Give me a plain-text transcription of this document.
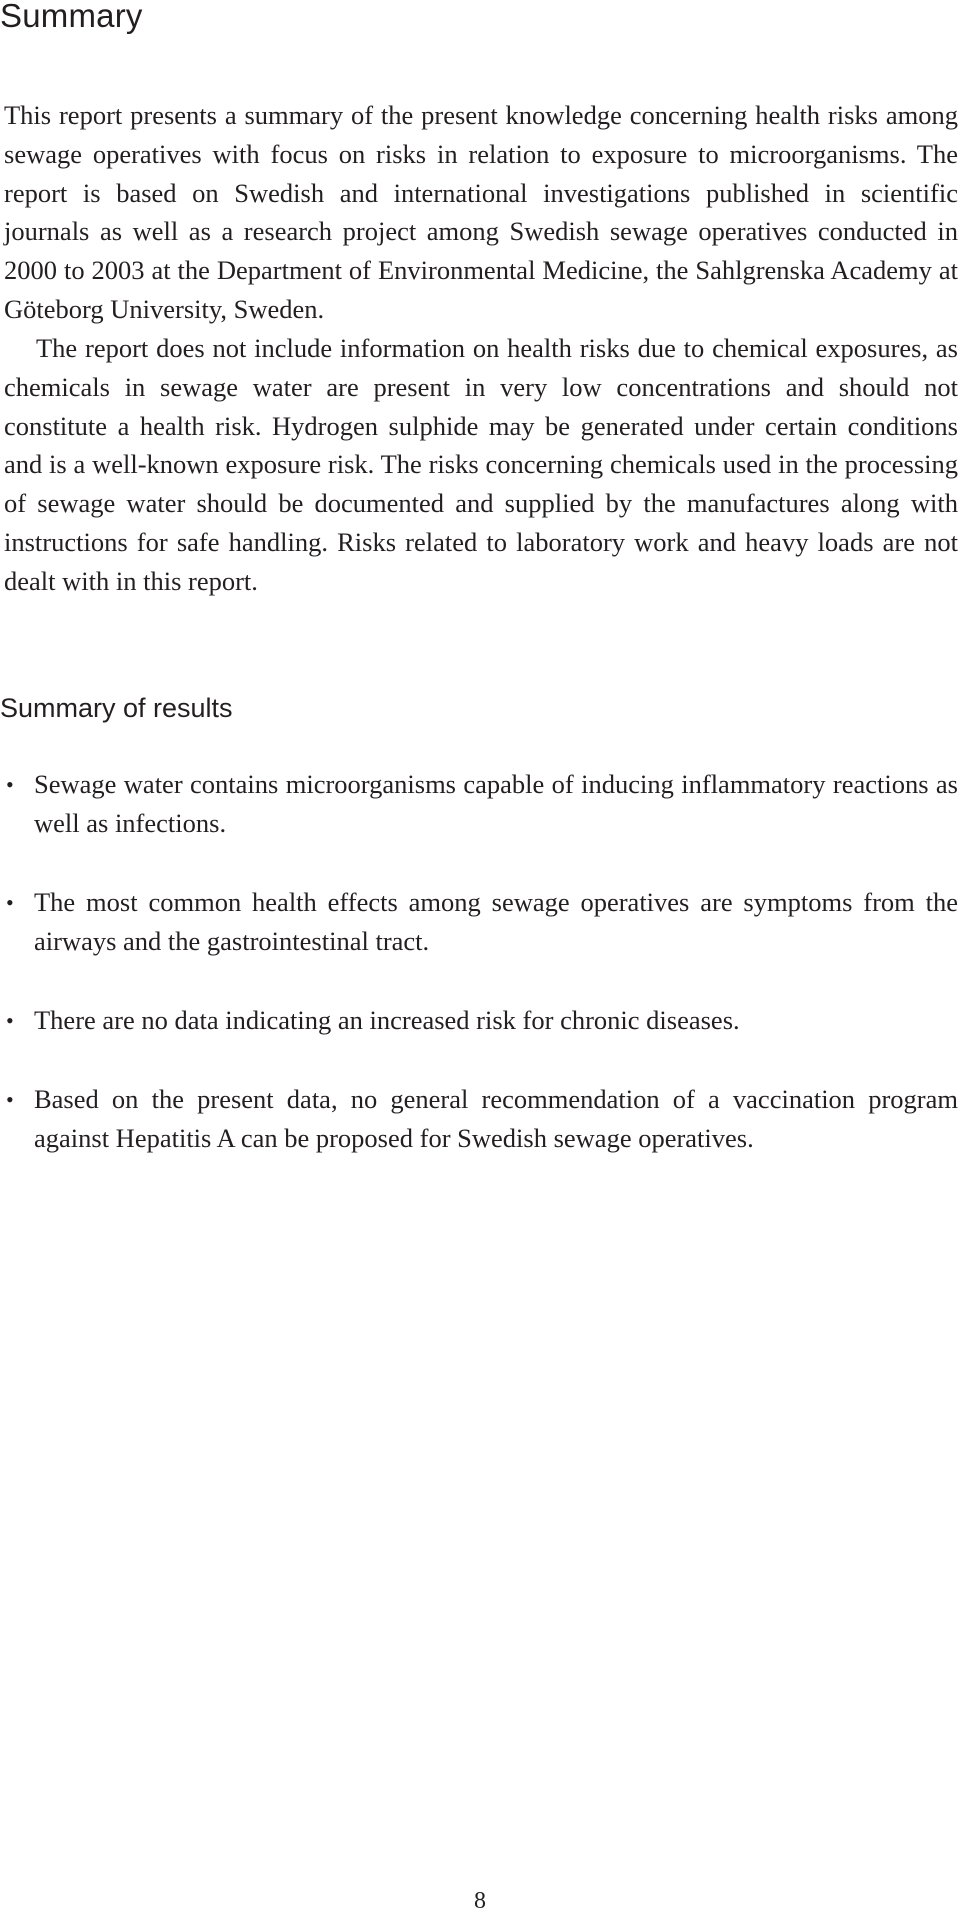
Summary

This report presents a summary of the present knowledge concerning health risks among sewage operatives with focus on risks in relation to exposure to microorganisms. The report is based on Swedish and international investigations published in scientific journals as well as a research project among Swedish sewage operatives conducted in 2000 to 2003 at the Department of Environmental Medicine, the Sahlgrenska Academy at Göteborg University, Sweden.

The report does not include information on health risks due to chemical exposures, as chemicals in sewage water are present in very low concentrations and should not constitute a health risk. Hydrogen sulphide may be generated under certain conditions and is a well-known exposure risk. The risks concerning chemicals used in the processing of sewage water should be documented and supplied by the manufactures along with instructions for safe handling. Risks related to laboratory work and heavy loads are not dealt with in this report.

Summary of results
• Sewage water contains microorganisms capable of inducing inflammatory reactions as well as infections.
• The most common health effects among sewage operatives are symptoms from the airways and the gastrointestinal tract.
• There are no data indicating an increased risk for chronic diseases.
• Based on the present data, no general recommendation of a vaccination program against Hepatitis A can be proposed for Swedish sewage operatives.
8
